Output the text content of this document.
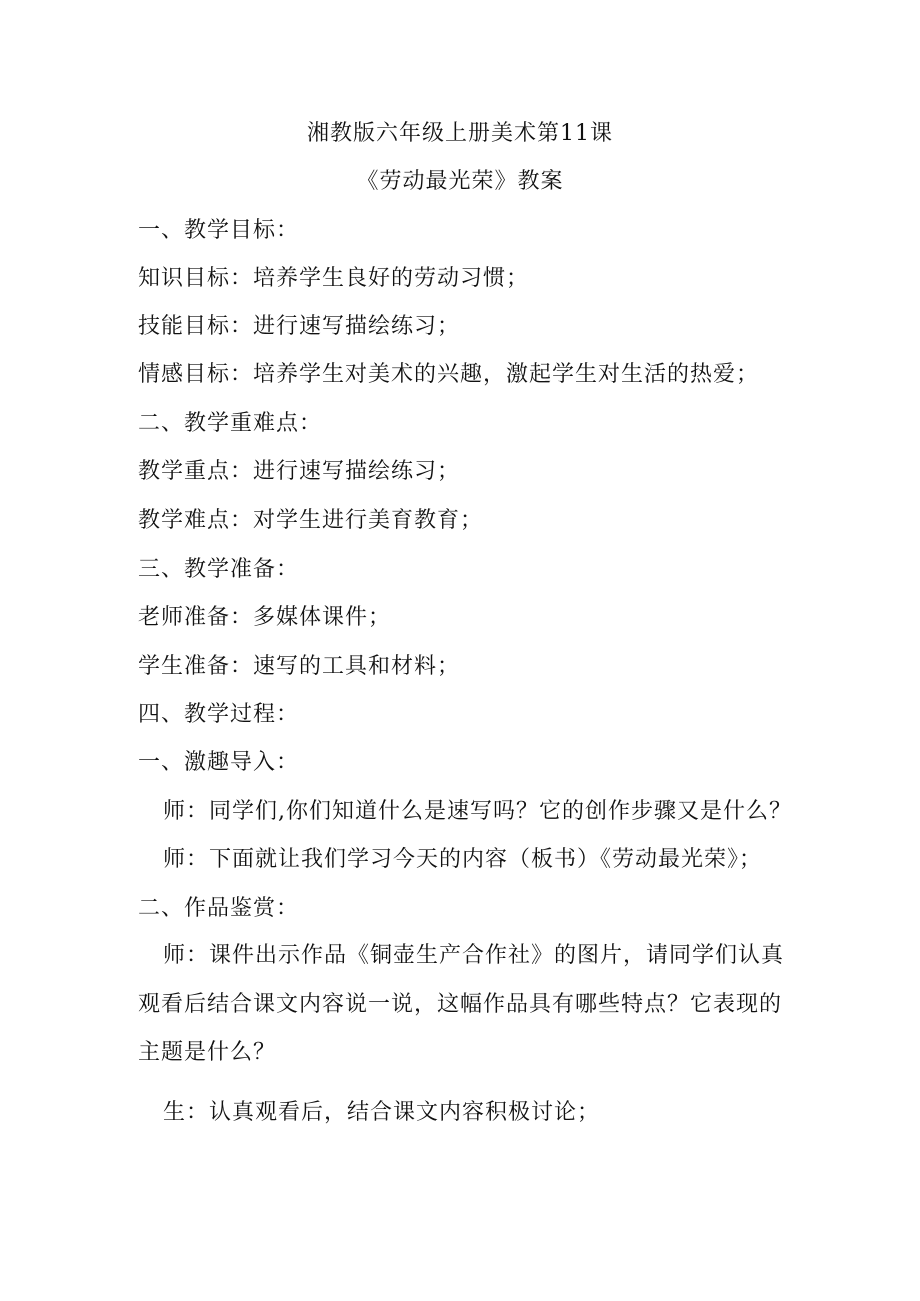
湘教版六年级上册美术第11课
《劳动最光荣》教案
一、教学目标：
知识目标：培养学生良好的劳动习惯；
技能目标：进行速写描绘练习；
情感目标：培养学生对美术的兴趣，激起学生对生活的热爱；
二、教学重难点：
教学重点：进行速写描绘练习；
教学难点：对学生进行美育教育；
三、教学准备：
老师准备：多媒体课件；
学生准备：速写的工具和材料；
四、教学过程：
一、激趣导入：
师：同学们,你们知道什么是速写吗？它的创作步骤又是什么？
师：下面就让我们学习今天的内容（板书）《劳动最光荣》；
二、作品鉴赏：
师：课件出示作品《铜壶生产合作社》的图片，请同学们认真
观看后结合课文内容说一说，这幅作品具有哪些特点？它表现的
主题是什么？
生：认真观看后，结合课文内容积极讨论；
